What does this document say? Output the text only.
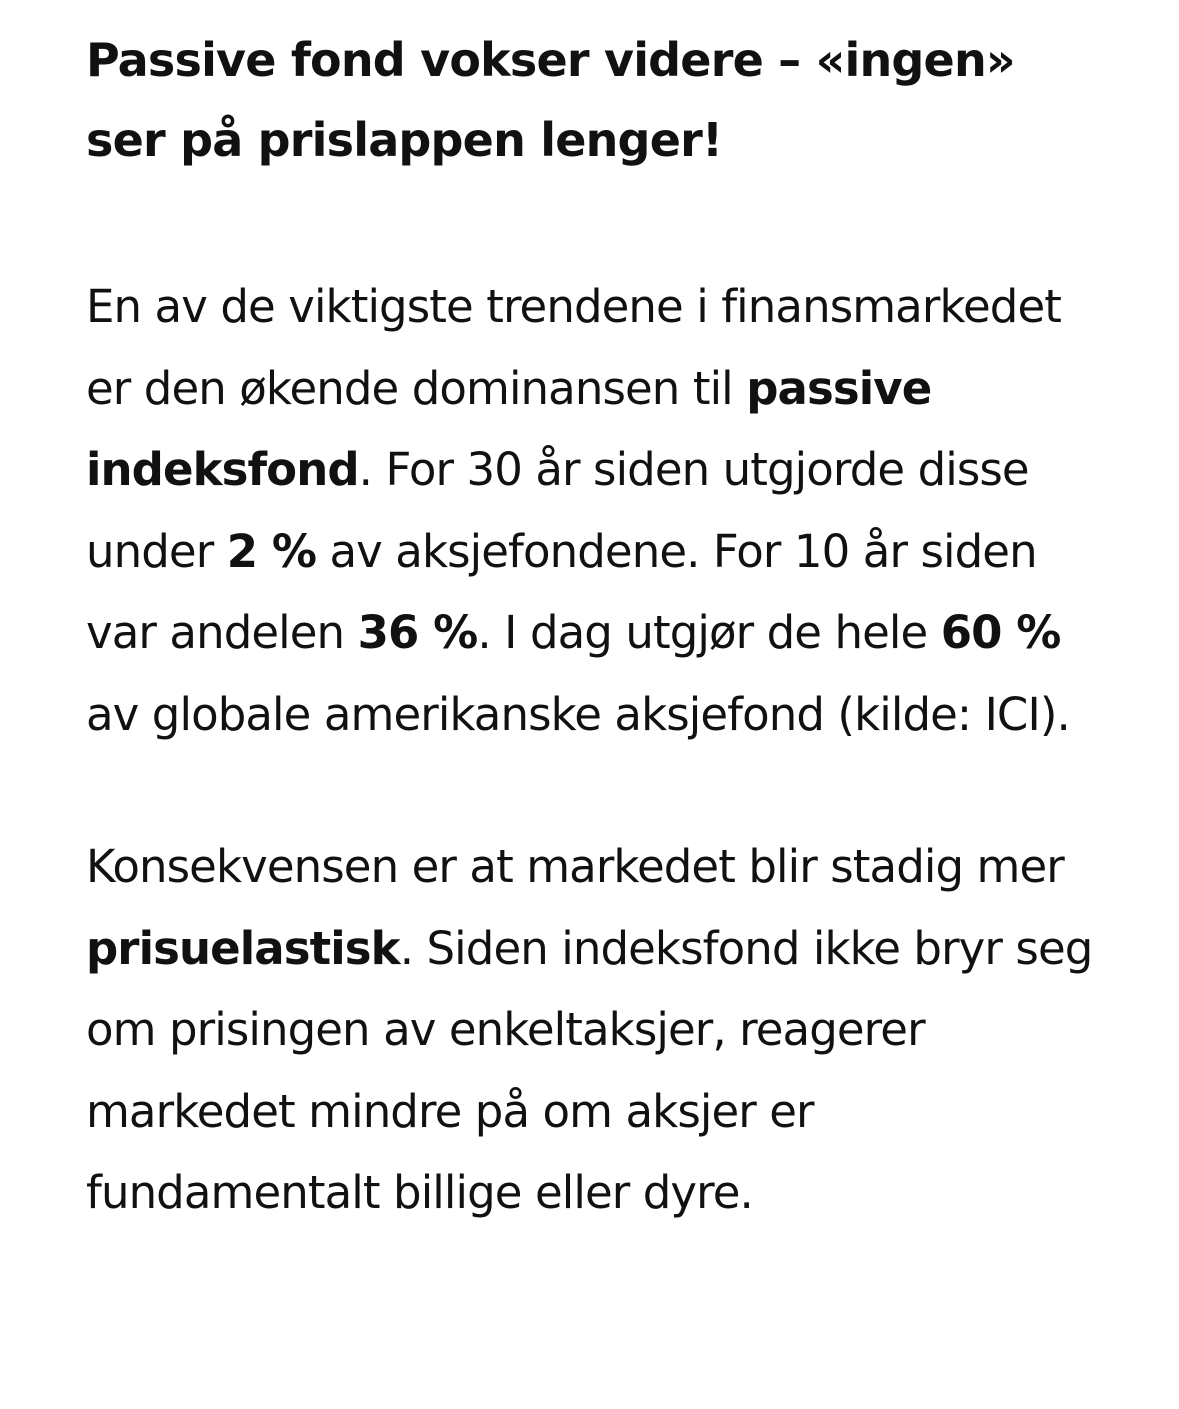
Passive fond vokser videre – «ingen» ser på prislappen lenger!

En av de viktigste trendene i finansmarkedet er den økende dominansen til passive indeksfond. For 30 år siden utgjorde disse under 2 % av aksjefondene. For 10 år siden var andelen 36 %. I dag utgjør de hele 60 % av globale amerikanske aksjefond (kilde: ICI).

Konsekvensen er at markedet blir stadig mer prisuelastisk. Siden indeksfond ikke bryr seg om prisingen av enkeltaksjer, reagerer markedet mindre på om aksjer er fundamentalt billige eller dyre.
